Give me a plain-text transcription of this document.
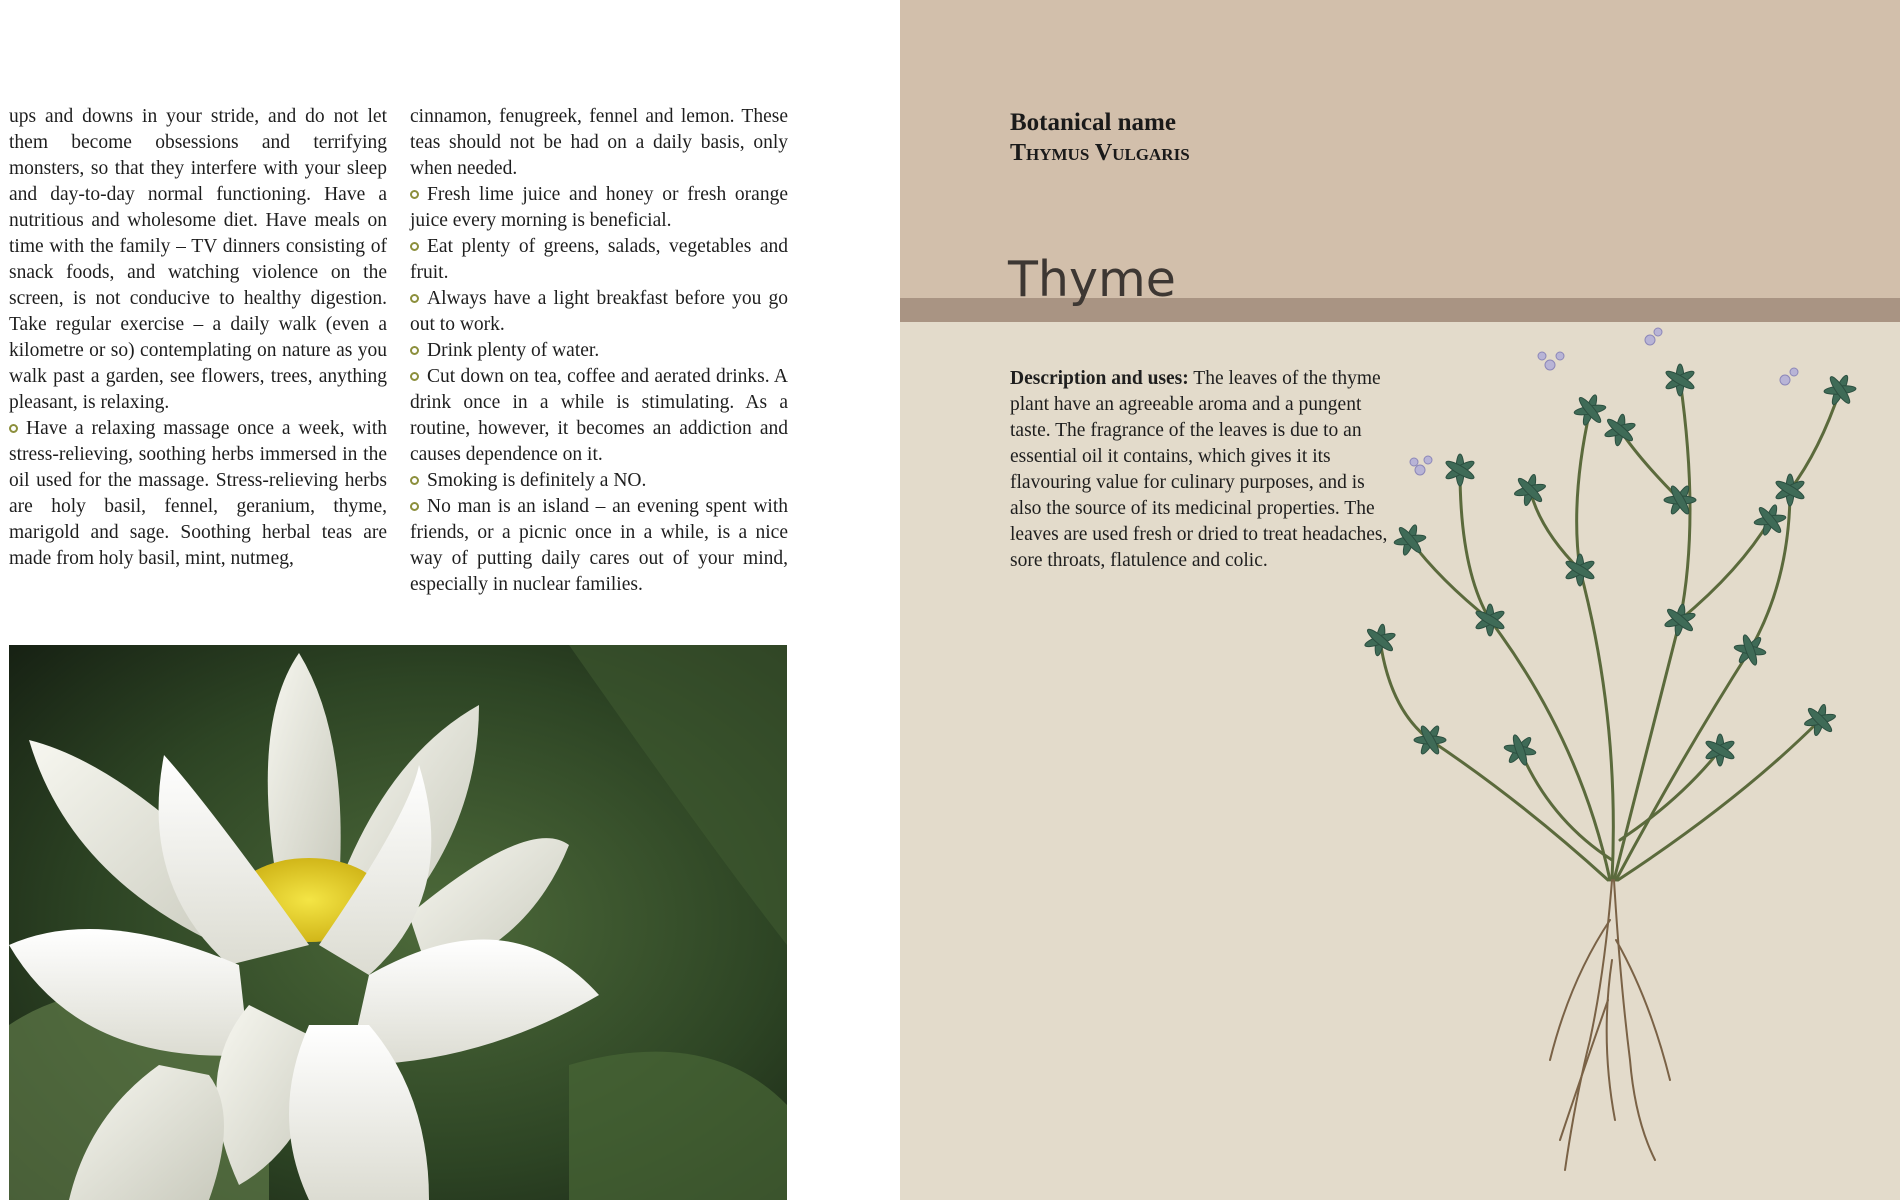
ups and downs in your stride, and do not let them become obsessions and terrifying monsters, so that they interfere with your sleep and day-to-day normal functioning. Have a nutritious and wholesome diet. Have meals on time with the family – TV dinners consisting of snack foods, and watching violence on the screen, is not conducive to healthy digestion. Take regular exercise – a daily walk (even a kilometre or so) contemplating on nature as you walk past a garden, see flowers, trees, anything pleasant, is relaxing.

Have a relaxing massage once a week, with stress-relieving, soothing herbs immersed in the oil used for the massage. Stress-relieving herbs are holy basil, fennel, geranium, thyme, marigold and sage. Soothing herbal teas are made from holy basil, mint, nutmeg,

cinnamon, fenugreek, fennel and lemon. These teas should not be had on a daily basis, only when needed.

Fresh lime juice and honey or fresh orange juice every morning is beneficial.

Eat plenty of greens, salads, vegetables and fruit.

Always have a light breakfast before you go out to work.

Drink plenty of water.

Cut down on tea, coffee and aerated drinks. A drink once in a while is stimulating. As a routine, however, it becomes an addiction and causes dependence on it.

Smoking is definitely a NO.

No man is an island – an evening spent with friends, or a picnic once in a while, is a nice way of putting daily cares out of your mind, especially in nuclear families.

Botanical name
Thymus Vulgaris
Thyme
Description and uses: The leaves of the thyme plant have an agreeable aroma and a pungent taste. The fragrance of the leaves is due to an essential oil it contains, which gives it its flavouring value for culinary purposes, and is also the source of its medicinal properties. The leaves are used fresh or dried to treat headaches, sore throats, flatulence and colic.
